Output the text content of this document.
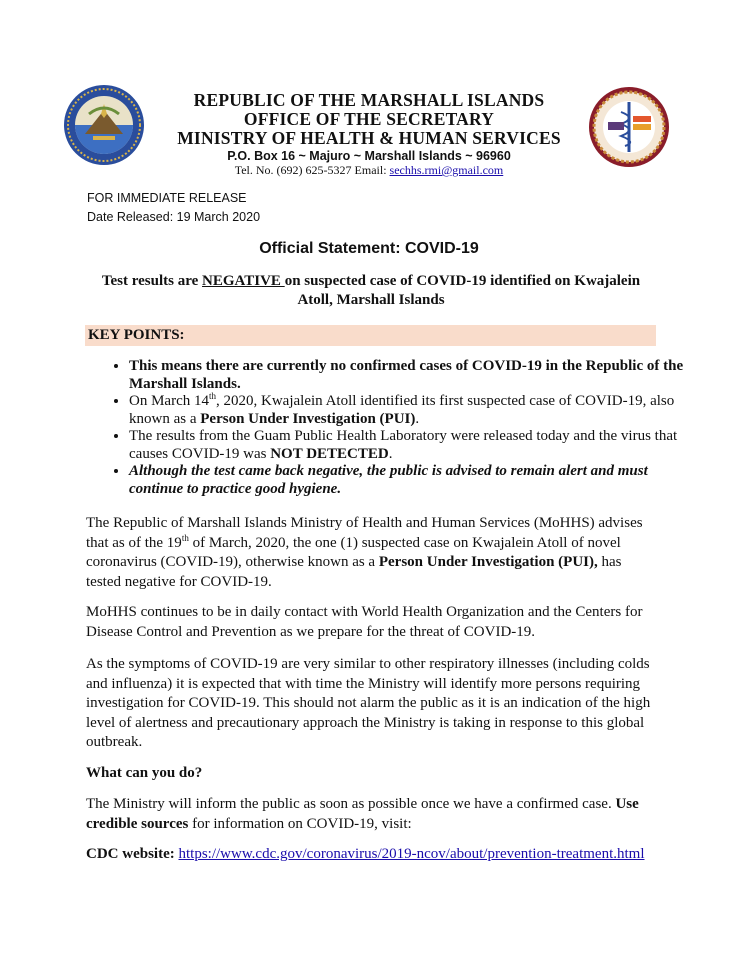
REPUBLIC OF THE MARSHALL ISLANDS
OFFICE OF THE SECRETARY
MINISTRY OF HEALTH & HUMAN SERVICES
P.O. Box 16 ~ Majuro ~ Marshall Islands ~ 96960
Tel. No. (692) 625-5327 Email: sechhs.rmi@gmail.com
FOR IMMEDIATE RELEASE
Date Released: 19 March 2020
Official Statement: COVID-19
Test results are NEGATIVE on suspected case of COVID-19 identified on Kwajalein Atoll, Marshall Islands
KEY POINTS:
• This means there are currently no confirmed cases of COVID-19 in the Republic of the Marshall Islands.
• On March 14th, 2020, Kwajalein Atoll identified its first suspected case of COVID-19, also known as a Person Under Investigation (PUI).
• The results from the Guam Public Health Laboratory were released today and the virus that causes COVID-19 was NOT DETECTED.
• Although the test came back negative, the public is advised to remain alert and must continue to practice good hygiene.
The Republic of Marshall Islands Ministry of Health and Human Services (MoHHS) advises that as of the 19th of March, 2020, the one (1) suspected case on Kwajalein Atoll of novel coronavirus (COVID-19), otherwise known as a Person Under Investigation (PUI), has tested negative for COVID-19.
MoHHS continues to be in daily contact with World Health Organization and the Centers for Disease Control and Prevention as we prepare for the threat of COVID-19.
As the symptoms of COVID-19 are very similar to other respiratory illnesses (including colds and influenza) it is expected that with time the Ministry will identify more persons requiring investigation for COVID-19. This should not alarm the public as it is an indication of the high level of alertness and precautionary approach the Ministry is taking in response to this global outbreak.
What can you do?
The Ministry will inform the public as soon as possible once we have a confirmed case. Use credible sources for information on COVID-19, visit:
CDC website: https://www.cdc.gov/coronavirus/2019-ncov/about/prevention-treatment.html
